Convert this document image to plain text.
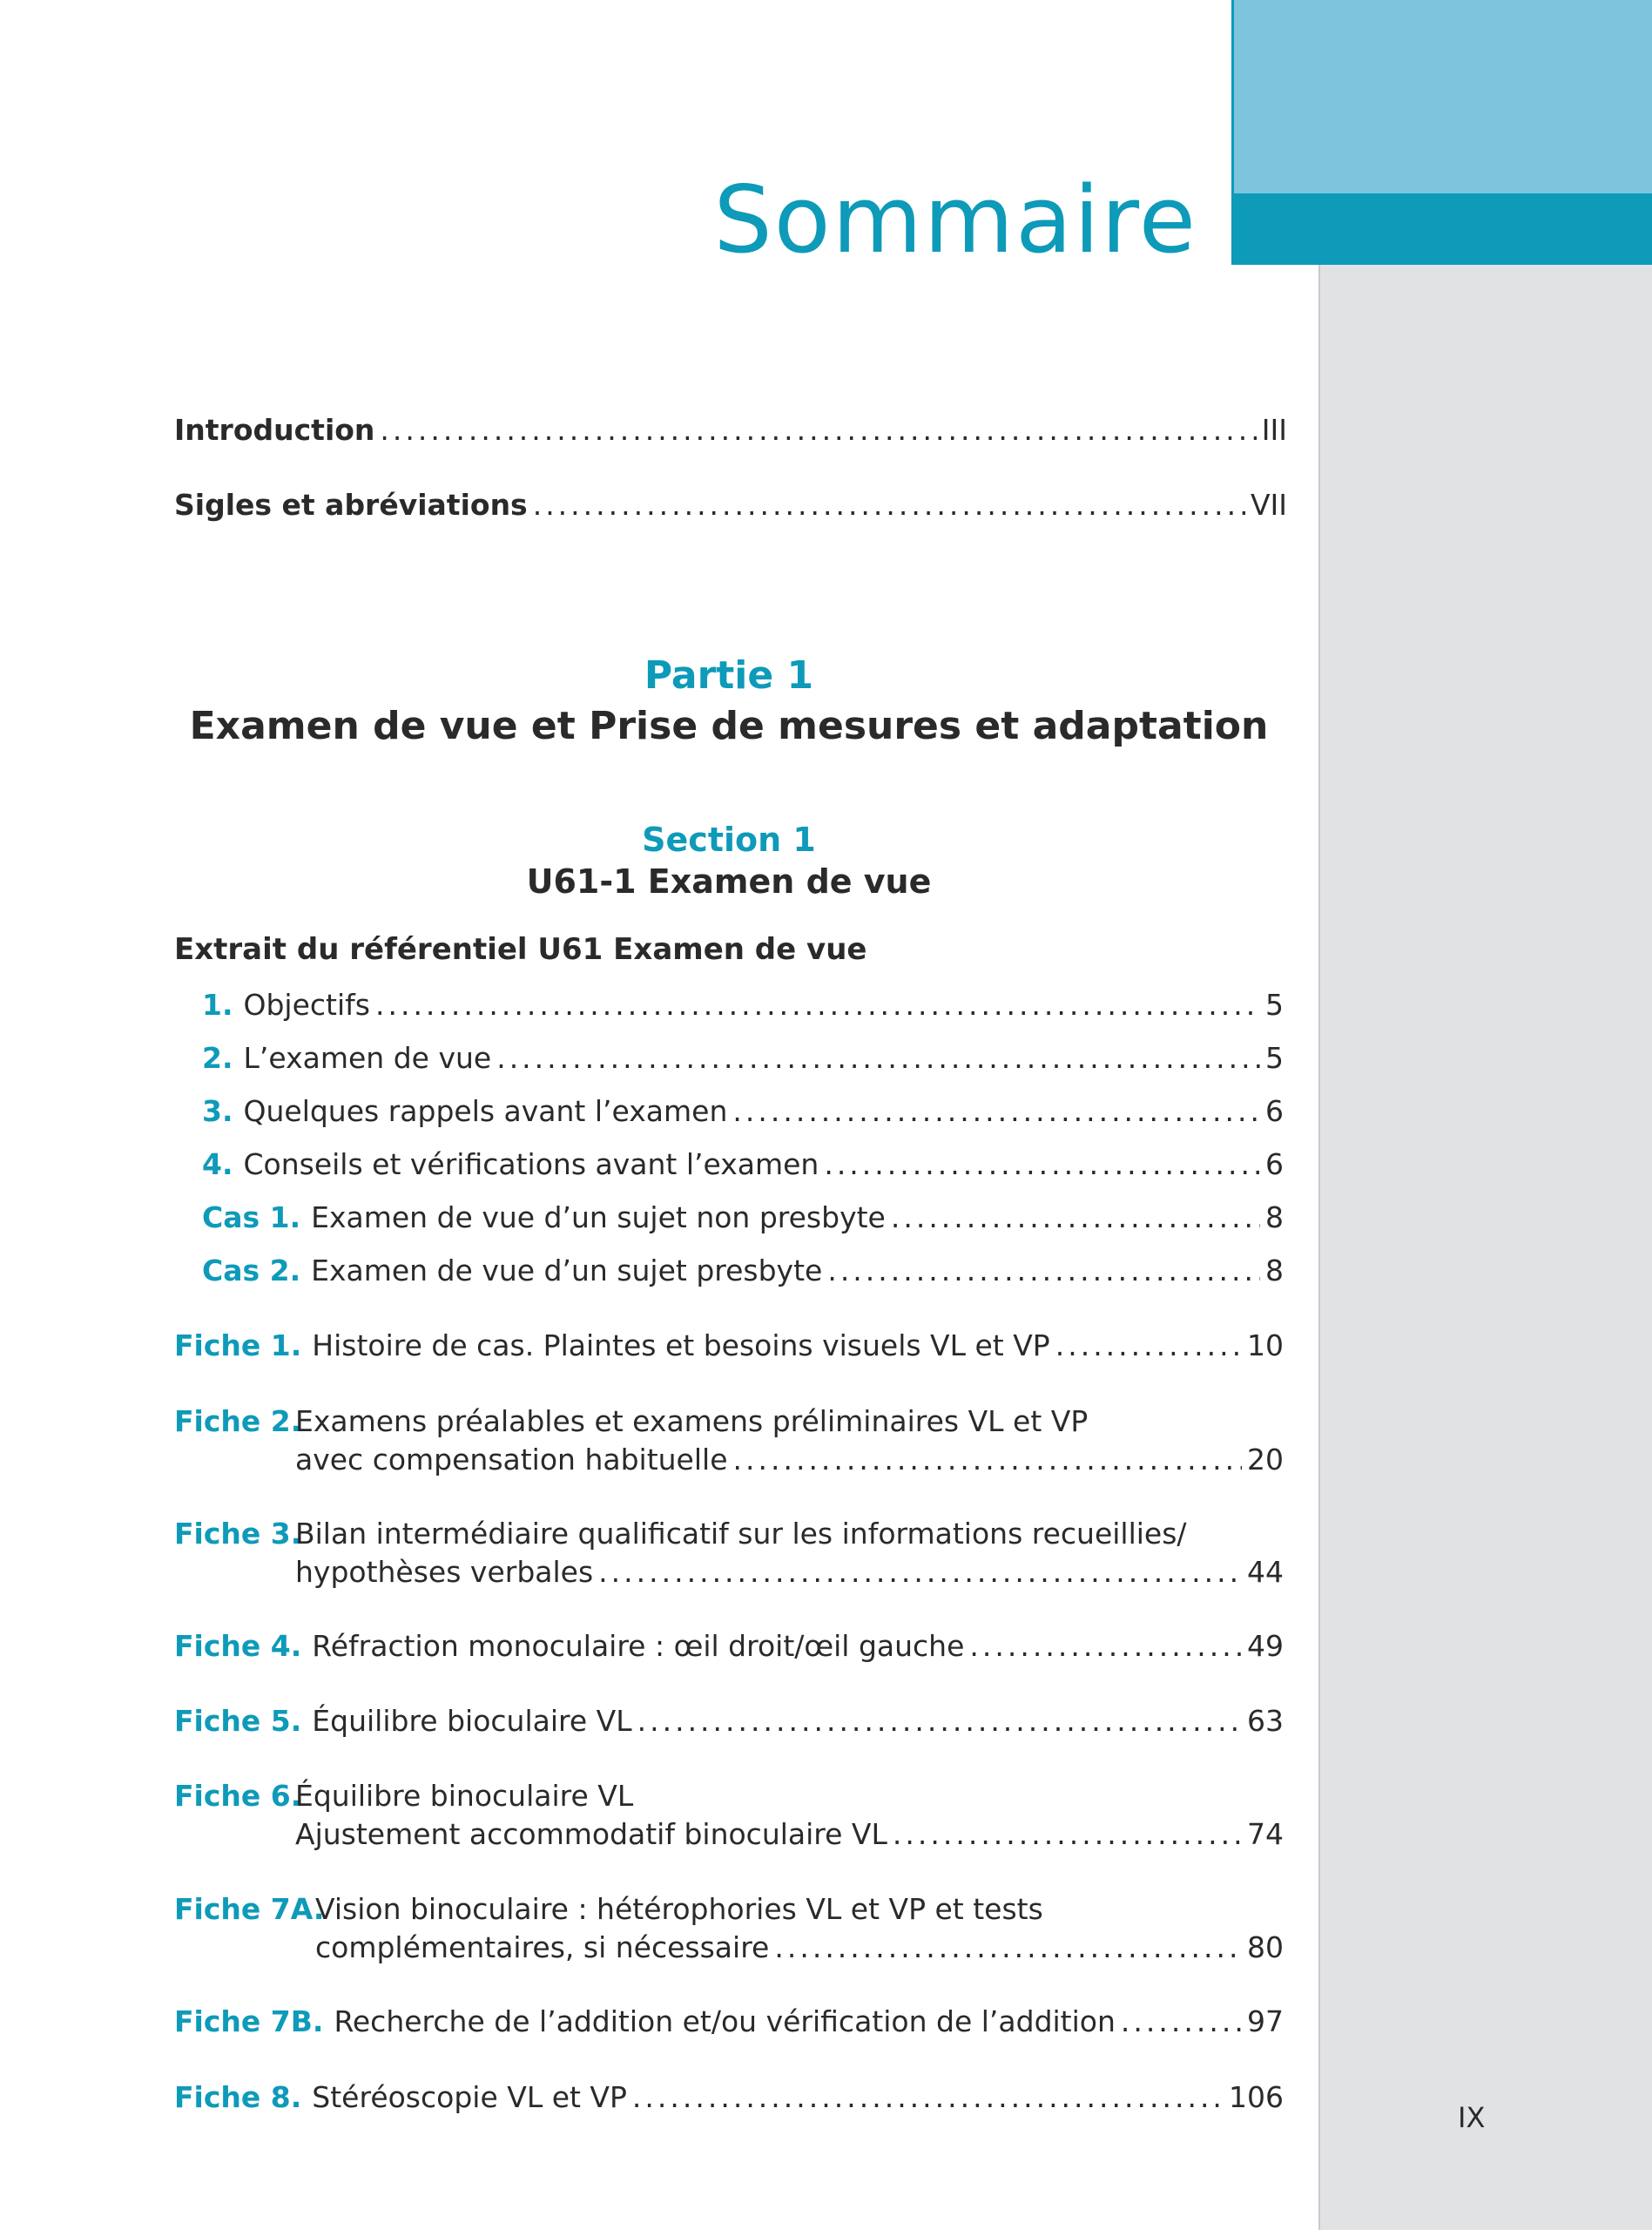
Sommaire
Introduction .....	III
Sigles et abréviations .....	VII
Partie 1
Examen de vue et Prise de mesures et adaptation
Section 1
U61-1 Examen de vue
Extrait du référentiel U61 Examen de vue
1. Objectifs .....	5
2. L’examen de vue .....	5
3. Quelques rappels avant l’examen .....	6
4. Conseils et vérifications avant l’examen .....	6
Cas 1. Examen de vue d’un sujet non presbyte .....	8
Cas 2. Examen de vue d’un sujet presbyte .....	8
Fiche 1. Histoire de cas. Plaintes et besoins visuels VL et VP .....	10
Fiche 2.
Examens préalables et examens préliminaires VL et VP
avec compensation habituelle .....	20
Fiche 3.
Bilan intermédiaire qualificatif sur les informations recueillies/
hypothèses verbales .....	44
Fiche 4. Réfraction monoculaire : œil droit/œil gauche .....	49
Fiche 5. Équilibre bioculaire VL .....	63
Fiche 6.
Équilibre binoculaire VL
Ajustement accommodatif binoculaire VL .....	74
Fiche 7A.
Vision binoculaire : hétérophories VL et VP et tests
complémentaires, si nécessaire .....	80
Fiche 7B. Recherche de l’addition et/ou vérification de l’addition .....	97
Fiche 8. Stéréoscopie VL et VP .....	106
IX
